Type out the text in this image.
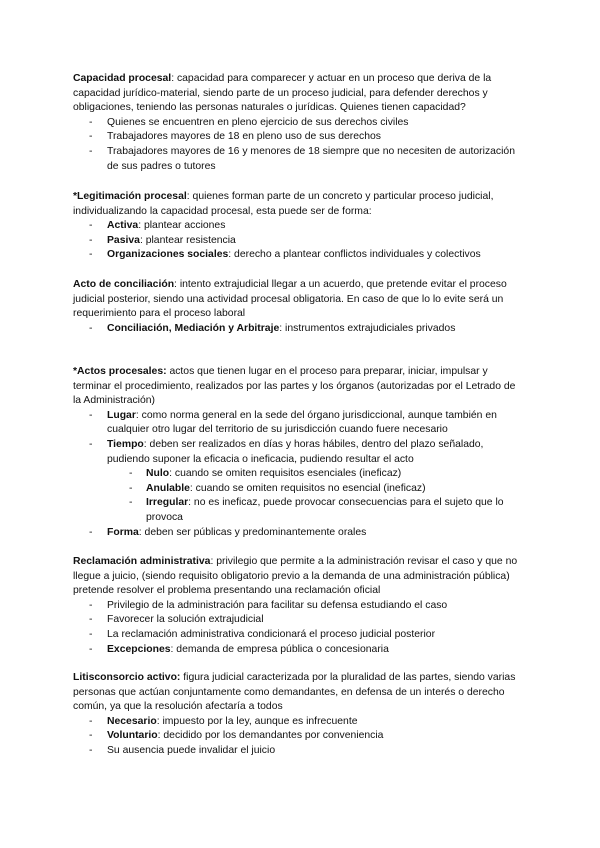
Capacidad procesal: capacidad para comparecer y actuar en un proceso que deriva de la capacidad jurídico-material, siendo parte de un proceso judicial, para defender derechos y obligaciones, teniendo las personas naturales o jurídicas. Quienes tienen capacidad?

- Quienes se encuentren en pleno ejercicio de sus derechos civiles
- Trabajadores mayores de 18 en pleno uso de sus derechos
- Trabajadores mayores de 16 y menores de 18 siempre que no necesiten de autorización de sus padres o tutores

*Legitimación procesal: quienes forman parte de un concreto y particular proceso judicial, individualizando la capacidad procesal, esta puede ser de forma:

- Activa: plantear acciones
- Pasiva: plantear resistencia
- Organizaciones sociales: derecho a plantear conflictos individuales y colectivos

Acto de conciliación: intento extrajudicial llegar a un acuerdo, que pretende evitar el proceso judicial posterior, siendo una actividad procesal obligatoria. En caso de que lo lo evite será un requerimiento para el proceso laboral

- Conciliación, Mediación y Arbitraje: instrumentos extrajudiciales privados

*Actos procesales: actos que tienen lugar en el proceso para preparar, iniciar, impulsar y terminar el procedimiento, realizados por las partes y los órganos (autorizadas por el Letrado de la Administración)

- Lugar: como norma general en la sede del órgano jurisdiccional, aunque también en cualquier otro lugar del territorio de su jurisdicción cuando fuere necesario
- Tiempo: deben ser realizados en días y horas hábiles, dentro del plazo señalado, pudiendo suponer la eficacia o ineficacia, pudiendo resultar el acto
- Nulo: cuando se omiten requisitos esenciales (ineficaz)
- Anulable: cuando se omiten requisitos no esencial (ineficaz)
- Irregular: no es ineficaz, puede provocar consecuencias para el sujeto que lo provoca
- Forma: deben ser públicas y predominantemente orales

Reclamación administrativa: privilegio que permite a la administración revisar el caso y que no llegue a juicio, (siendo requisito obligatorio previo a la demanda de una administración pública) pretende resolver el problema presentando una reclamación oficial

- Privilegio de la administración para facilitar su defensa estudiando el caso
- Favorecer la solución extrajudicial
- La reclamación administrativa condicionará el proceso judicial posterior
- Excepciones: demanda de empresa pública o concesionaria

Litisconsorcio activo: figura judicial caracterizada por la pluralidad de las partes, siendo varias personas que actúan conjuntamente como demandantes, en defensa de un interés o derecho común, ya que la resolución afectaría a todos

- Necesario: impuesto por la ley, aunque es infrecuente
- Voluntario: decidido por los demandantes por conveniencia
- Su ausencia puede invalidar el juicio
